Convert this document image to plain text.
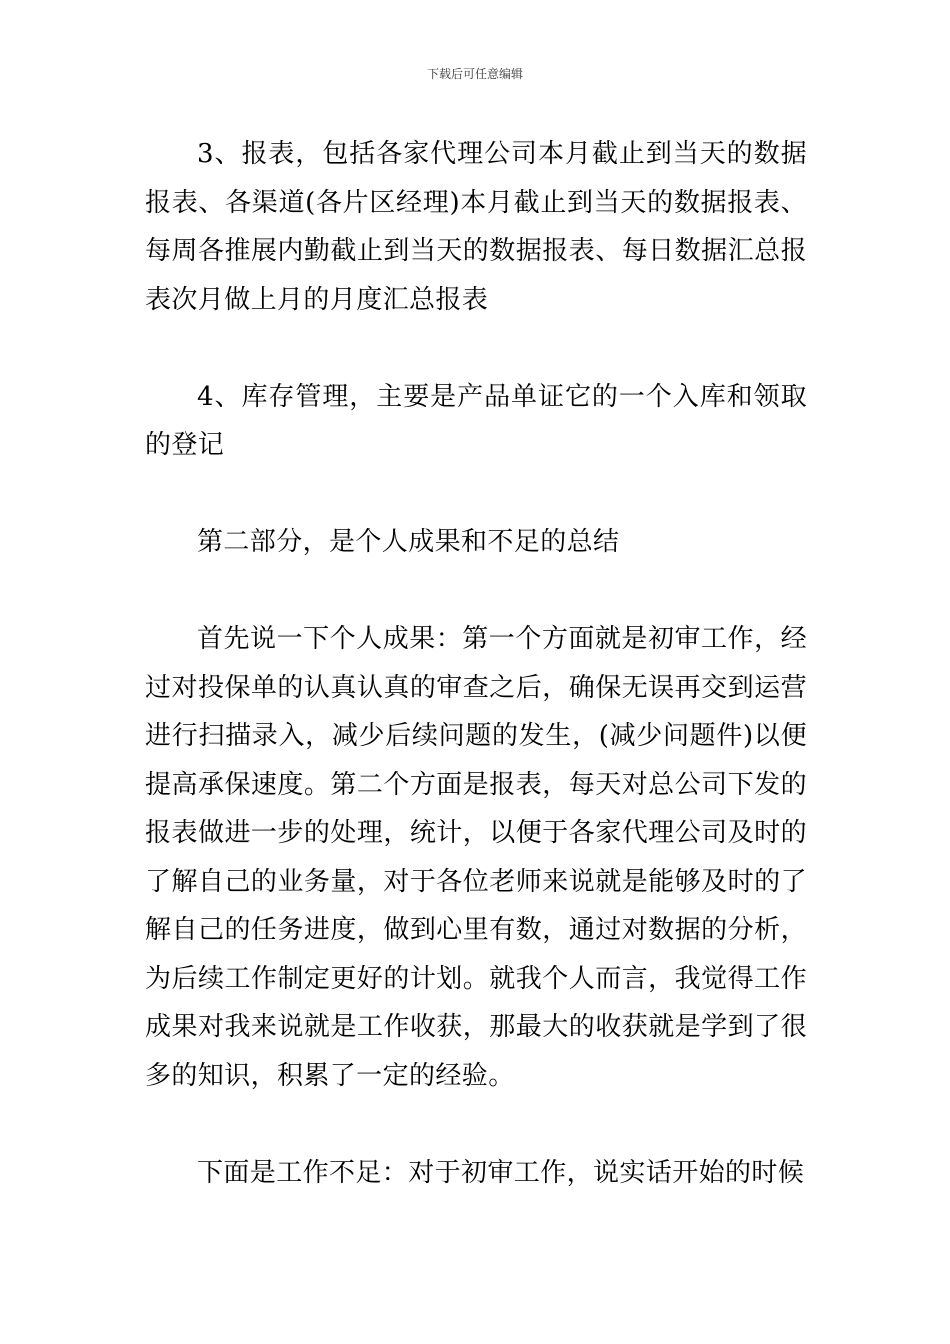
下载后可任意编辑

3、报表，包括各家代理公司本月截止到当天的数据报表、各渠道(各片区经理)本月截止到当天的数据报表、每周各推展内勤截止到当天的数据报表、每日数据汇总报表次月做上月的月度汇总报表

4、库存管理，主要是产品单证它的一个入库和领取的登记

第二部分，是个人成果和不足的总结

首先说一下个人成果：第一个方面就是初审工作，经过对投保单的认真认真的审查之后，确保无误再交到运营进行扫描录入，减少后续问题的发生，(减少问题件)以便提高承保速度。第二个方面是报表，每天对总公司下发的报表做进一步的处理，统计，以便于各家代理公司及时的了解自己的业务量，对于各位老师来说就是能够及时的了解自己的任务进度，做到心里有数，通过对数据的分析，为后续工作制定更好的计划。就我个人而言，我觉得工作成果对我来说就是工作收获，那最大的收获就是学到了很多的知识，积累了一定的经验。

下面是工作不足：对于初审工作，说实话开始的时候
